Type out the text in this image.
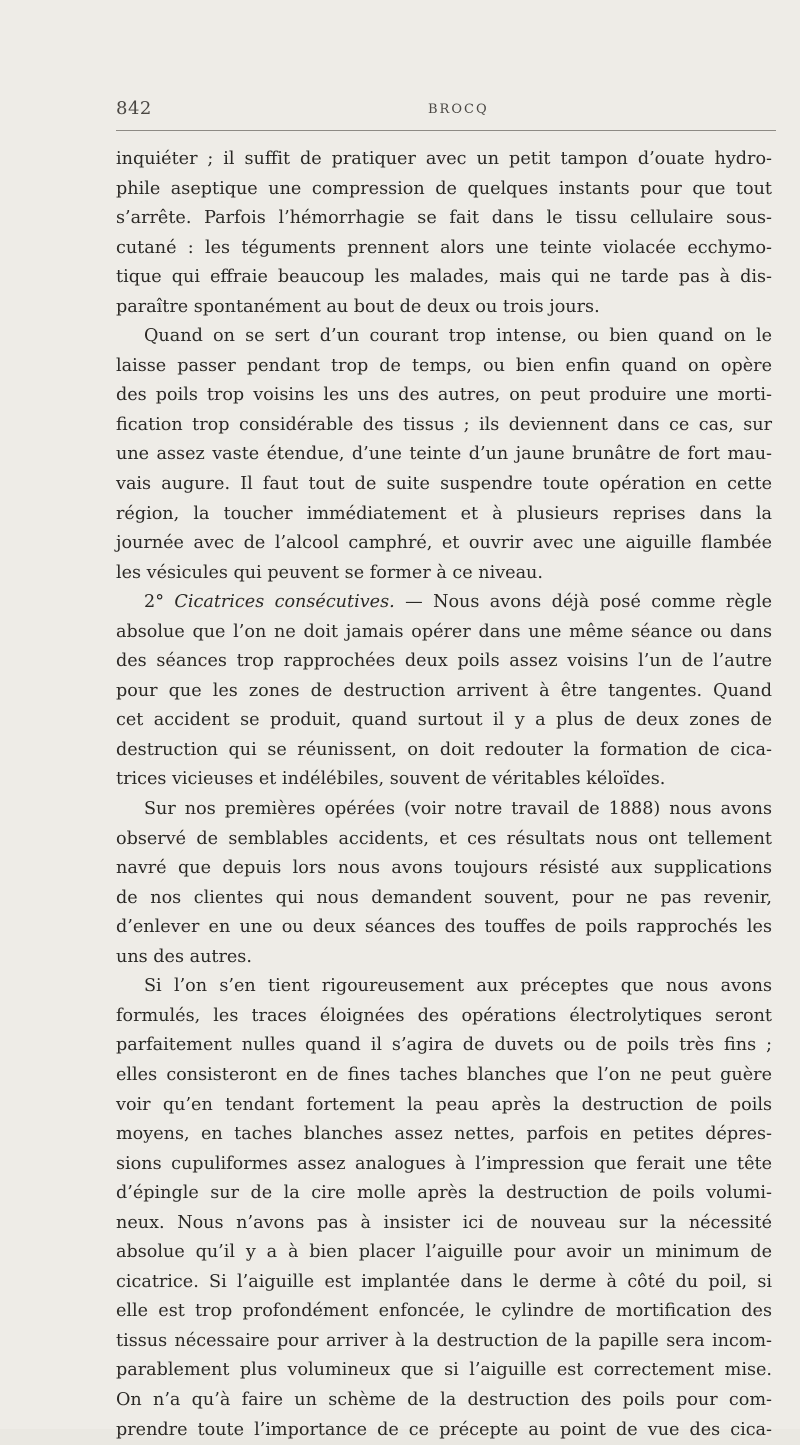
842	BROCQ
inquiéter ; il suffit de pratiquer avec un petit tampon d’ouate hydro-
phile aseptique une compression de quelques instants pour que tout
s’arrête. Parfois l’hémorrhagie se fait dans le tissu cellulaire sous-
cutané : les téguments prennent alors une teinte violacée ecchymo-
tique qui effraie beaucoup les malades, mais qui ne tarde pas à dis-
paraître spontanément au bout de deux ou trois jours.
Quand on se sert d’un courant trop intense, ou bien quand on le
laisse passer pendant trop de temps, ou bien enfin quand on opère
des poils trop voisins les uns des autres, on peut produire une morti-
fication trop considérable des tissus ; ils deviennent dans ce cas, sur
une assez vaste étendue, d’une teinte d’un jaune brunâtre de fort mau-
vais augure. Il faut tout de suite suspendre toute opération en cette
région, la toucher immédiatement et à plusieurs reprises dans la
journée avec de l’alcool camphré, et ouvrir avec une aiguille flambée
les vésicules qui peuvent se former à ce niveau.
2° Cicatrices consécutives. — Nous avons déjà posé comme règle
absolue que l’on ne doit jamais opérer dans une même séance ou dans
des séances trop rapprochées deux poils assez voisins l’un de l’autre
pour que les zones de destruction arrivent à être tangentes. Quand
cet accident se produit, quand surtout il y a plus de deux zones de
destruction qui se réunissent, on doit redouter la formation de cica-
trices vicieuses et indélébiles, souvent de véritables kéloïdes.
Sur nos premières opérées (voir notre travail de 1888) nous avons
observé de semblables accidents, et ces résultats nous ont tellement
navré que depuis lors nous avons toujours résisté aux supplications
de nos clientes qui nous demandent souvent, pour ne pas revenir,
d’enlever en une ou deux séances des touffes de poils rapprochés les
uns des autres.
Si l’on s’en tient rigoureusement aux préceptes que nous avons
formulés, les traces éloignées des opérations électrolytiques seront
parfaitement nulles quand il s’agira de duvets ou de poils très fins ;
elles consisteront en de fines taches blanches que l’on ne peut guère
voir qu’en tendant fortement la peau après la destruction de poils
moyens, en taches blanches assez nettes, parfois en petites dépres-
sions cupuliformes assez analogues à l’impression que ferait une tête
d’épingle sur de la cire molle après la destruction de poils volumi-
neux. Nous n’avons pas à insister ici de nouveau sur la nécessité
absolue qu’il y a à bien placer l’aiguille pour avoir un minimum de
cicatrice. Si l’aiguille est implantée dans le derme à côté du poil, si
elle est trop profondément enfoncée, le cylindre de mortification des
tissus nécessaire pour arriver à la destruction de la papille sera incom-
parablement plus volumineux que si l’aiguille est correctement mise.
On n’a qu’à faire un schème de la destruction des poils pour com-
prendre toute l’importance de ce précepte au point de vue des cica-
